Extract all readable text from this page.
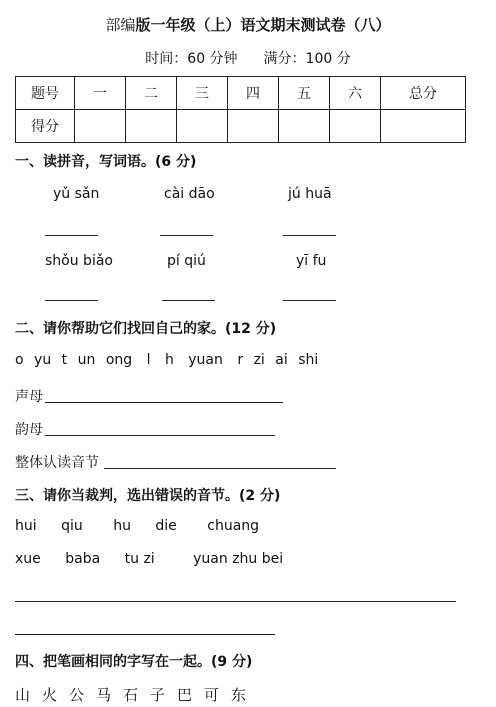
部编版一年级（上）语文期末测试卷（八）
时间：60 分钟 满分：100 分
题号	一	二	三	四	五	六	总分
得分							
一、读拼音，写词语。(6 分)
yǔ sǎn	cài dāo	jú huā
shǒu biǎo	pí qiú	yī fu
二、请你帮助它们找回自己的家。(12 分)
o yu t un ong l h yuan r zi ai shi
声母
韵母
整体认读音节
三、请你当裁判，选出错误的音节。(2 分)
hui qiu hu die chuang
xue baba tu zi	yuan zhu bei
四、把笔画相同的字写在一起。(9 分)
山 火 公 马 石 子 巴 可 东
